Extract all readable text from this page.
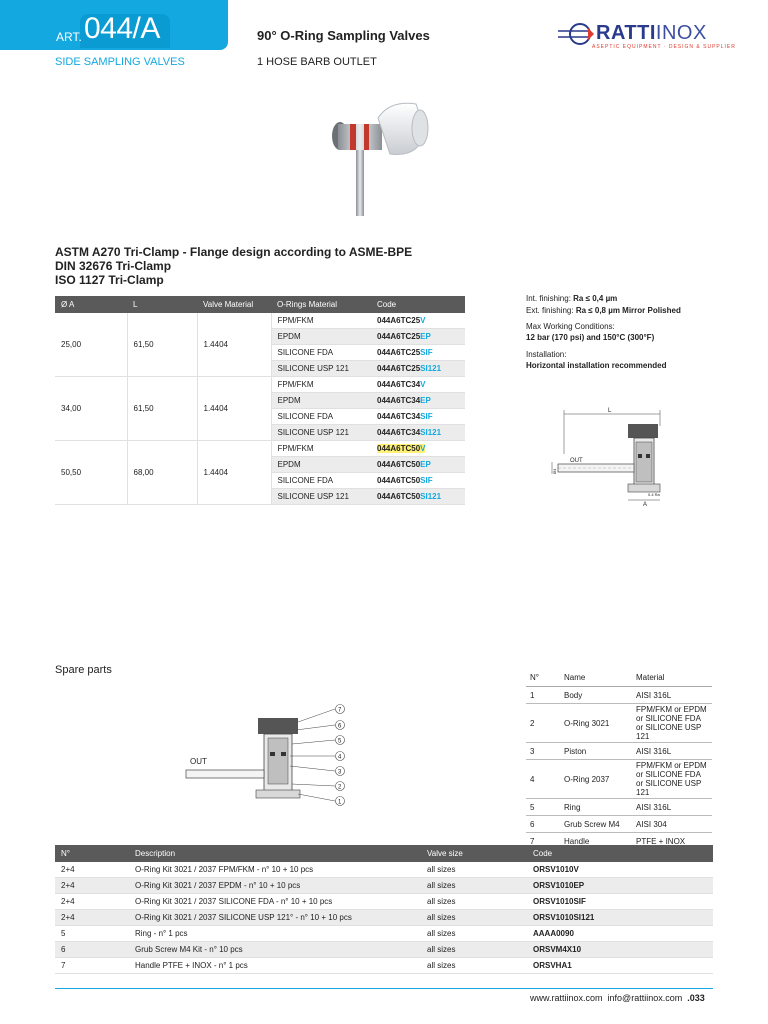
ART. 044/A
SIDE SAMPLING VALVES
90° O-Ring Sampling Valves
1 HOSE BARB OUTLET
RATTIINOX
ASEPTIC EQUIPMENT · DESIGN & SUPPLIER
ASTM A270 Tri-Clamp - Flange design according to ASME-BPE
DIN 32676 Tri-Clamp
ISO 1127 Tri-Clamp
Ø A	L	Valve Material	O-Rings Material	Code
25,00	61,50	1.4404	FPM/FKM	044A6TC25V
			EPDM	044A6TC25EP
			SILICONE FDA	044A6TC25SIF
			SILICONE USP 121	044A6TC25SI121
34,00	61,50	1.4404	FPM/FKM	044A6TC34V
			EPDM	044A6TC34EP
			SILICONE FDA	044A6TC34SIF
			SILICONE USP 121	044A6TC34SI121
50,50	68,00	1.4404	FPM/FKM	044A6TC50V
			EPDM	044A6TC50EP
			SILICONE FDA	044A6TC50SIF
			SILICONE USP 121	044A6TC50SI121
Int. finishing: Ra ≤ 0,4 µm
Ext. finishing: Ra ≤ 0,8 µm Mirror Polished
Max Working Conditions:
12 bar (170 psi) and 150°C (300°F)
Installation:
Horizontal installation recommended
L
OUT
A
Ø4
0.4 Ra
Spare parts
OUT
7
6
5
4
3
2
1
N°	Name	Material
1	Body	AISI 316L
2	O-Ring 3021	FPM/FKM or EPDM or SILICONE FDA or SILICONE USP 121
3	Piston	AISI 316L
4	O-Ring 2037	FPM/FKM or EPDM or SILICONE FDA or SILICONE USP 121
5	Ring	AISI 316L
6	Grub Screw M4	AISI 304
7	Handle	PTFE + INOX
N°	Description	Valve size	Code
2+4	O-Ring Kit 3021 / 2037 FPM/FKM - n° 10 + 10 pcs	all sizes	ORSV1010V
2+4	O-Ring Kit 3021 / 2037 EPDM - n° 10 + 10 pcs	all sizes	ORSV1010EP
2+4	O-Ring Kit 3021 / 2037 SILICONE FDA - n° 10 + 10 pcs	all sizes	ORSV1010SIF
2+4	O-Ring Kit 3021 / 2037 SILICONE USP 121° - n° 10 + 10 pcs	all sizes	ORSV1010SI121
5	Ring - n° 1 pcs	all sizes	AAAA0090
6	Grub Screw M4 Kit - n° 10 pcs	all sizes	ORSVM4X10
7	Handle PTFE + INOX - n° 1 pcs	all sizes	ORSVHA1
www.rattiinox.com info@rattiinox.com .033
